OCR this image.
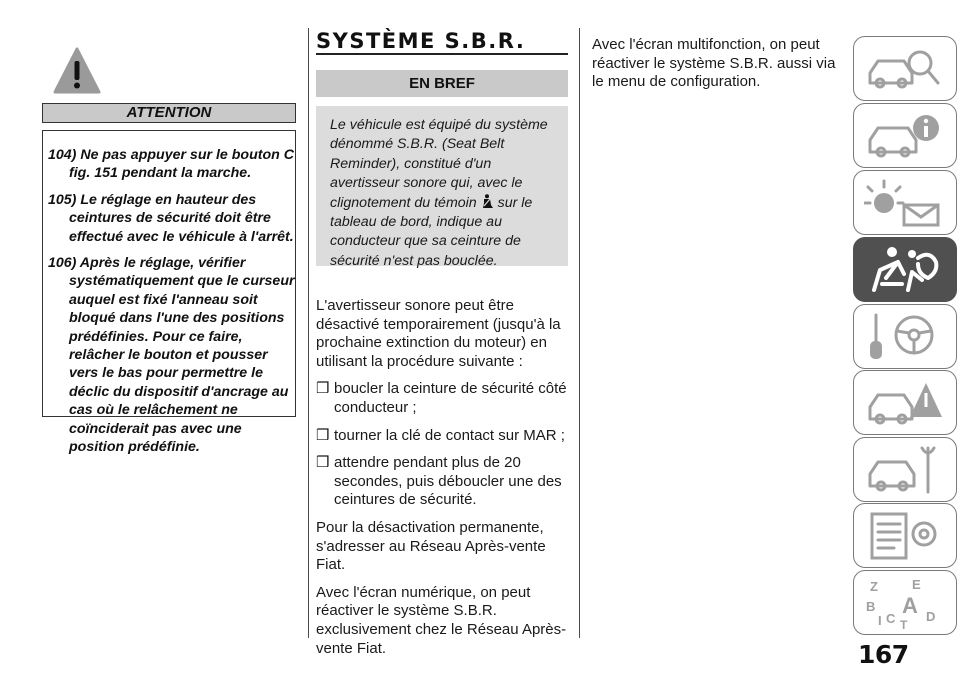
ATTENTION

104) Ne pas appuyer sur le bouton C fig. 151 pendant la marche.

105) Le réglage en hauteur des ceintures de sécurité doit être effectué avec le véhicule à l'arrêt.

106) Après le réglage, vérifier systématiquement que le curseur auquel est fixé l'anneau soit bloqué dans l'une des positions prédéfinies. Pour ce faire, relâcher le bouton et pousser vers le bas pour permettre le déclic du dispositif d'ancrage au cas où le relâchement ne coïnciderait pas avec une position prédéfinie.

SYSTÈME S.B.R.
EN BREF
Le véhicule est équipé du système dénommé S.B.R. (Seat Belt Reminder), constitué d'un avertisseur sonore qui, avec le clignotement du témoin sur le tableau de bord, indique au conducteur que sa ceinture de sécurité n'est pas bouclée.

L'avertisseur sonore peut être désactivé temporairement (jusqu'à la prochaine extinction du moteur) en utilisant la procédure suivante :

❒ boucler la ceinture de sécurité côté conducteur ;

❒ tourner la clé de contact sur MAR ;

❒ attendre pendant plus de 20 secondes, puis déboucler une des ceintures de sécurité.

Pour la désactivation permanente, s'adresser au Réseau Après-vente Fiat.

Avec l'écran numérique, on peut réactiver le système S.B.R. exclusivement chez le Réseau Après-vente Fiat.

Avec l'écran multifonction, on peut réactiver le système S.B.R. aussi via le menu de configuration.

Z	E
B A
I C D
T
167
